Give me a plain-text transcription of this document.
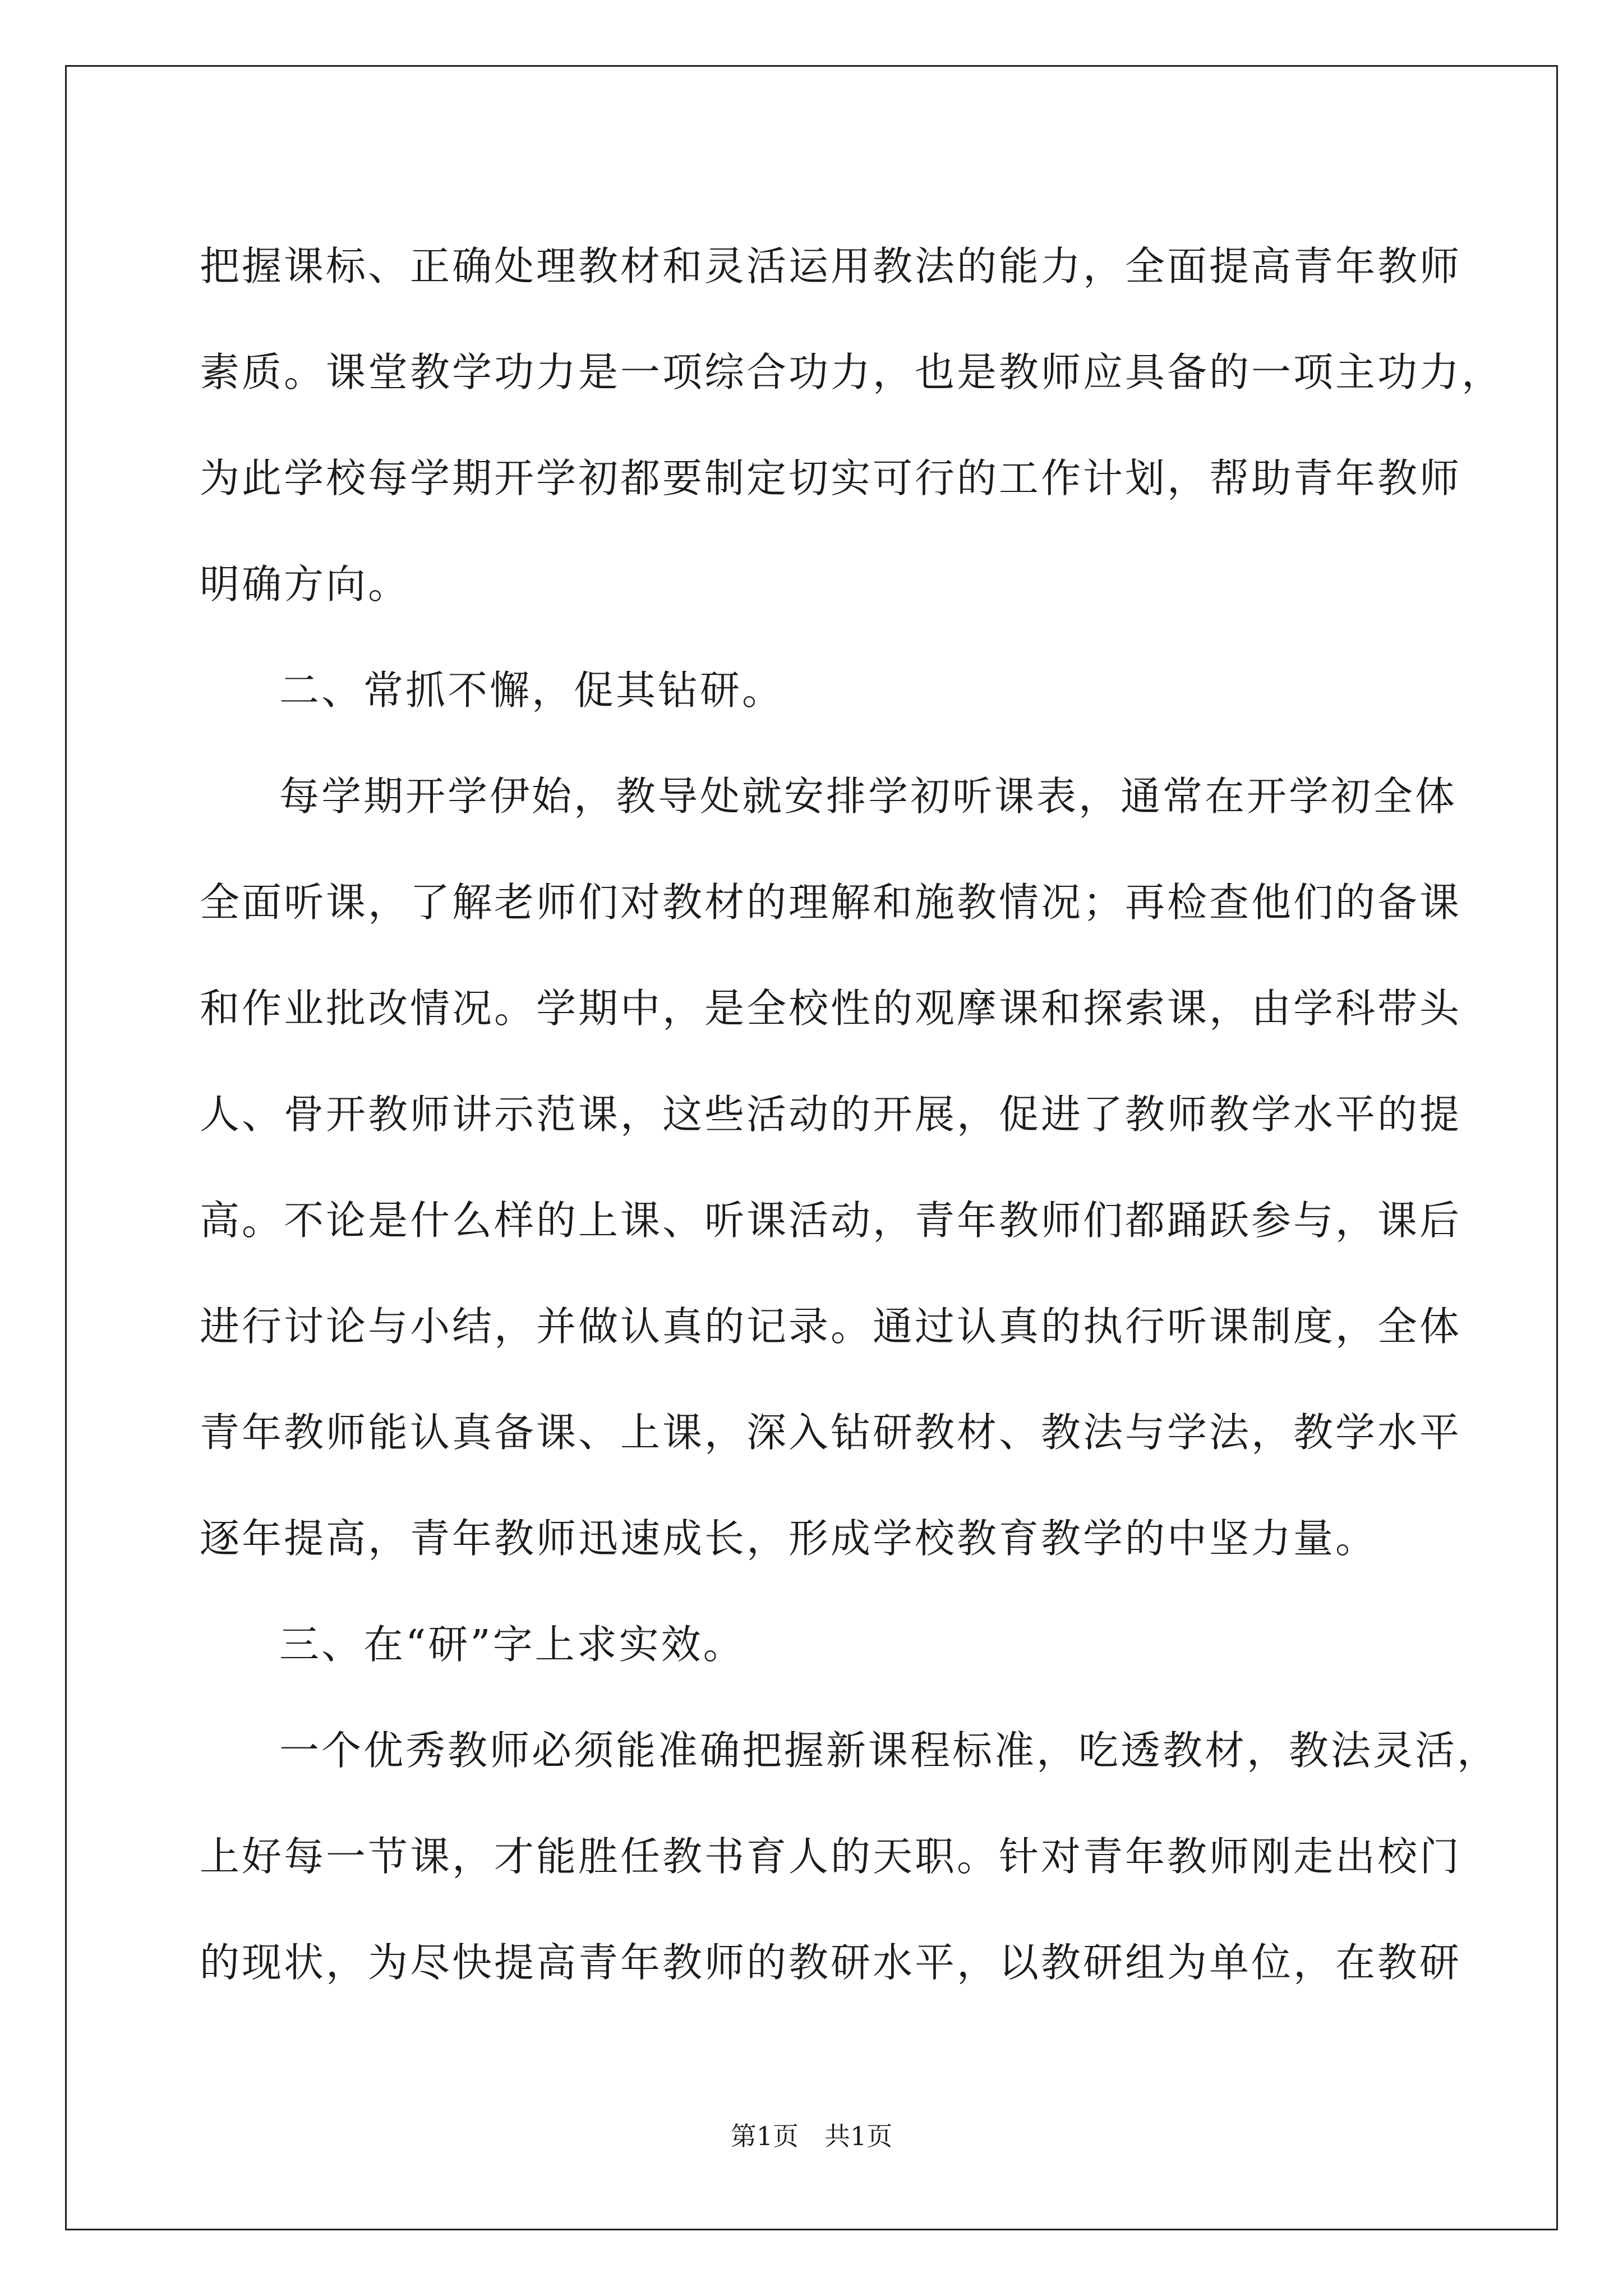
把握课标、正确处理教材和灵活运用教法的能力，全面提高青年教师
素质。课堂教学功力是一项综合功力，也是教师应具备的一项主功力，
为此学校每学期开学初都要制定切实可行的工作计划，帮助青年教师
明确方向。
二、常抓不懈，促其钻研。
每学期开学伊始，教导处就安排学初听课表，通常在开学初全体
全面听课，了解老师们对教材的理解和施教情况；再检查他们的备课
和作业批改情况。学期中，是全校性的观摩课和探索课，由学科带头
人、骨开教师讲示范课，这些活动的开展，促进了教师教学水平的提
高。不论是什么样的上课、听课活动，青年教师们都踊跃参与，课后
进行讨论与小结，并做认真的记录。通过认真的执行听课制度，全体
青年教师能认真备课、上课，深入钻研教材、教法与学法，教学水平
逐年提高，青年教师迅速成长，形成学校教育教学的中坚力量。
三、在“研”字上求实效。
一个优秀教师必须能准确把握新课程标准，吃透教材，教法灵活，
上好每一节课，才能胜任教书育人的天职。针对青年教师刚走出校门
的现状，为尽快提高青年教师的教研水平，以教研组为单位，在教研
第1页　共1页
